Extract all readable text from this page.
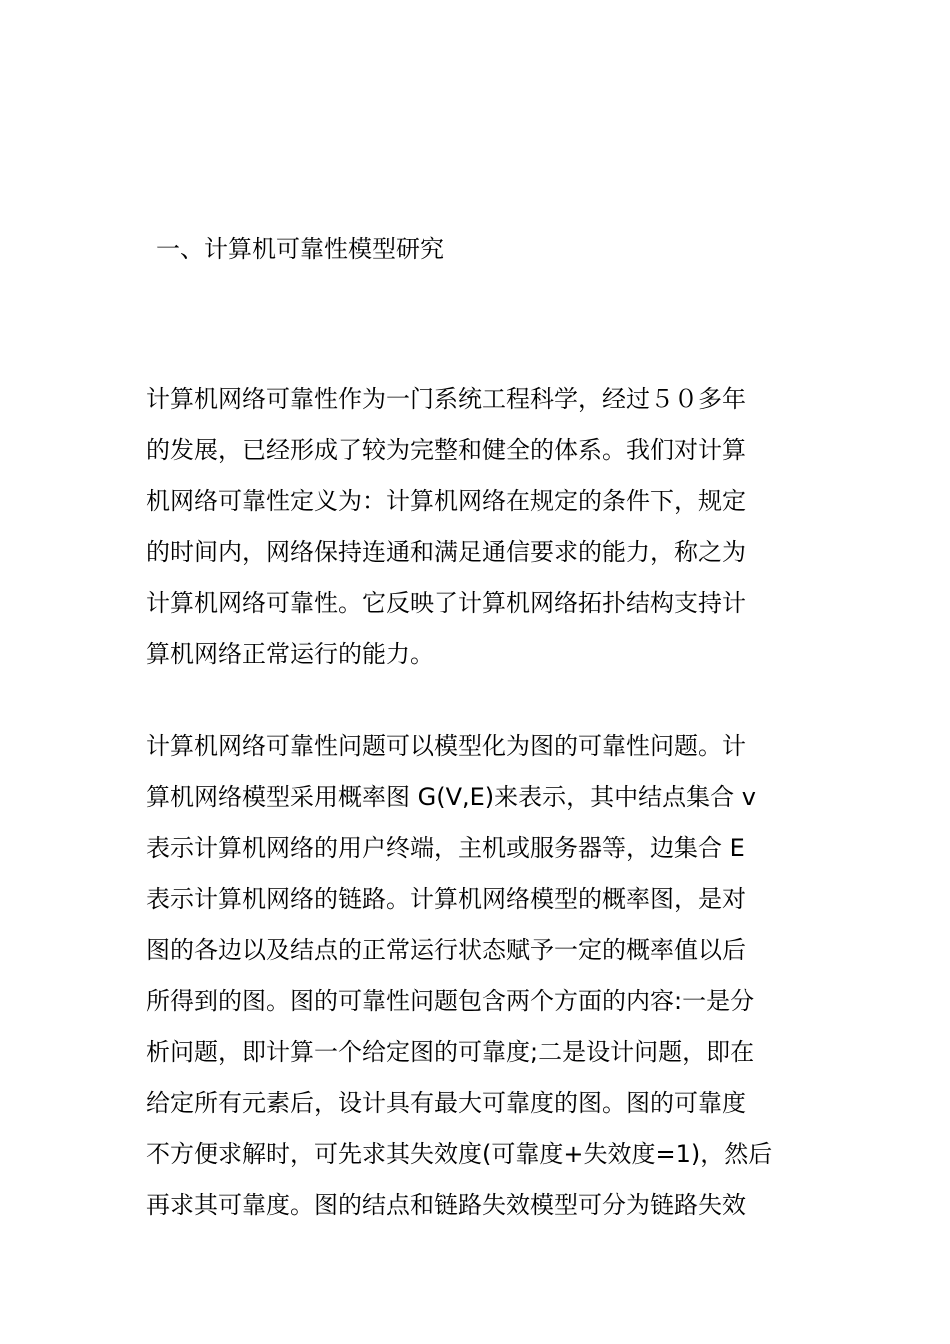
一、计算机可靠性模型研究
计算机网络可靠性作为一门系统工程科学，经过５０多年
的发展，已经形成了较为完整和健全的体系。我们对计算
机网络可靠性定义为：计算机网络在规定的条件下，规定
的时间内，网络保持连通和满足通信要求的能力，称之为
计算机网络可靠性。它反映了计算机网络拓扑结构支持计
算机网络正常运行的能力。
计算机网络可靠性问题可以模型化为图的可靠性问题。计
算机网络模型采用概率图 G(V,E)来表示，其中结点集合 v
表示计算机网络的用户终端，主机或服务器等，边集合 E
表示计算机网络的链路。计算机网络模型的概率图，是对
图的各边以及结点的正常运行状态赋予一定的概率值以后
所得到的图。图的可靠性问题包含两个方面的内容:一是分
析问题，即计算一个给定图的可靠度;二是设计问题，即在
给定所有元素后，设计具有最大可靠度的图。图的可靠度
不方便求解时，可先求其失效度(可靠度+失效度=1)，然后
再求其可靠度。图的结点和链路失效模型可分为链路失效
